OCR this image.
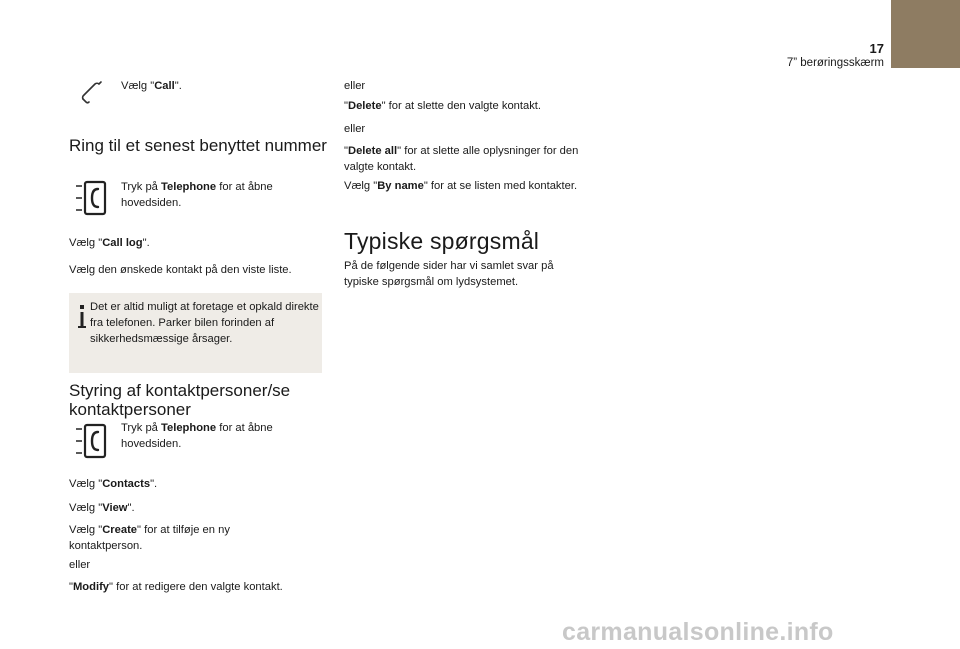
17
7” berøringsskærm

Vælg "Call".

Ring til et senest benyttet nummer

Tryk på Telephone for at åbne hovedsiden.

Vælg "Call log".

Vælg den ønskede kontakt på den viste liste.

Det er altid muligt at foretage et opkald direkte fra telefonen. Parker bilen forinden af sikkerhedsmæssige årsager.

Styring af kontaktpersoner/se
kontaktpersoner

Tryk på Telephone for at åbne hovedsiden.

Vælg "Contacts".

Vælg "View".

Vælg "Create" for at tilføje en ny kontaktperson.

eller

"Modify" for at redigere den valgte kontakt.

eller

"Delete" for at slette den valgte kontakt.

eller

"Delete all" for at slette alle oplysninger for den valgte kontakt.

Vælg "By name" for at se listen med kontakter.

Typiske spørgsmål

På de følgende sider har vi samlet svar på typiske spørgsmål om lydsystemet.

carmanualsonline.info
